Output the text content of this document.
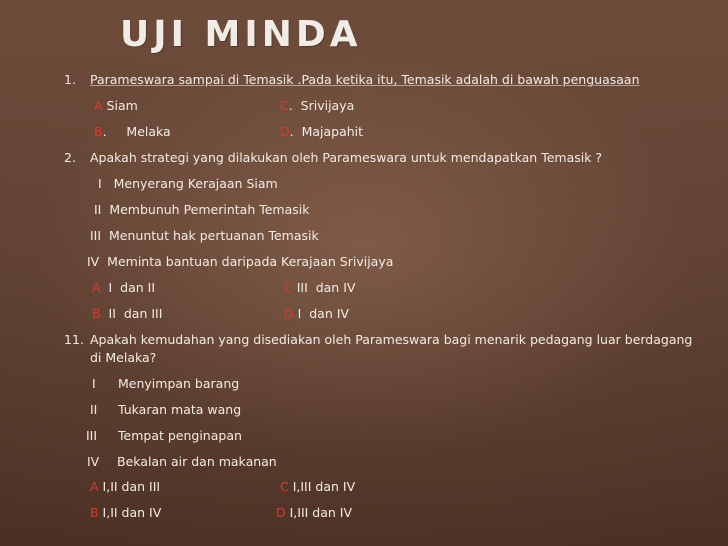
UJI MINDA
1. Parameswara sampai di Temasik .Pada ketika itu, Temasik adalah di bawah penguasaan
A Siam	C.  Srivijaya
B.     Melaka	D.  Majapahit
2. Apakah strategi yang dilakukan oleh Parameswara untuk mendapatkan Temasik ?
I   Menyerang Kerajaan Siam
II  Membunuh Pemerintah Temasik
III  Menuntut hak pertuanan Temasik
IV  Meminta bantuan daripada Kerajaan Srivijaya
A  I  dan II	C III  dan IV
B  II  dan III	D I  dan IV
11. Apakah kemudahan yang disediakan oleh Parameswara bagi menarik pedagang luar berdagang
di Melaka?
I Menyimpan barang
II Tukaran mata wang
III Tempat penginapan
IV Bekalan air dan makanan
A I,II dan III	C I,III dan IV
B I,II dan IV	D I,III dan IV
